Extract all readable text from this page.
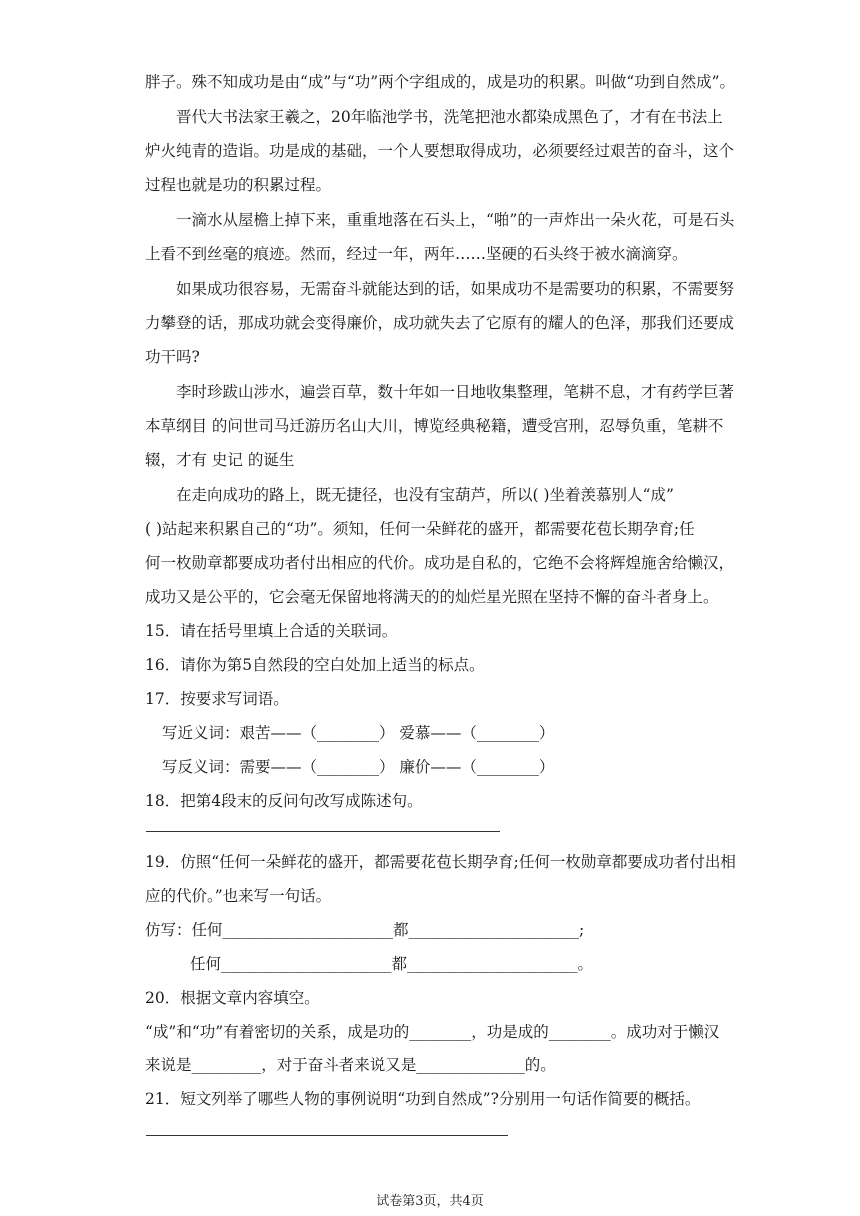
胖子。殊不知成功是由“成”与“功”两个字组成的，成是功的积累。叫做“功到自然成”。
晋代大书法家王羲之，20年临池学书，洗笔把池水都染成黑色了，才有在书法上
炉火纯青的造诣。功是成的基础，一个人要想取得成功，必须要经过艰苦的奋斗，这个
过程也就是功的积累过程。
一滴水从屋檐上掉下来，重重地落在石头上，“啪”的一声炸出一朵火花，可是石头
上看不到丝毫的痕迹。然而，经过一年，两年……坚硬的石头终于被水滴滴穿。
如果成功很容易，无需奋斗就能达到的话，如果成功不是需要功的积累，不需要努
力攀登的话，那成功就会变得廉价，成功就失去了它原有的耀人的色泽，那我们还要成
功干吗?
李时珍跋山涉水，遍尝百草，数十年如一日地收集整理，笔耕不息，才有药学巨著
本草纲目 的问世司马迁游历名山大川，博览经典秘籍，遭受宫刑，忍辱负重，笔耕不
辍，才有 史记 的诞生
在走向成功的路上，既无捷径，也没有宝葫芦，所以( )坐着羡慕别人“成”
( )站起来积累自己的“功”。须知，任何一朵鲜花的盛开，都需要花苞长期孕育;任
何一枚勋章都要成功者付出相应的代价。成功是自私的，它绝不会将辉煌施舍给懒汉，
成功又是公平的，它会毫无保留地将满天的的灿烂星光照在坚持不懈的奋斗者身上。
15．请在括号里填上合适的关联词。
16．请你为第5自然段的空白处加上适当的标点。
17．按要求写词语。
写近义词：艰苦——（________） 爱慕——（________）
写反义词：需要——（________） 廉价——（________）
18．把第4段末的反问句改写成陈述句。
19．仿照“任何一朵鲜花的盛开，都需要花苞长期孕育;任何一枚勋章都要成功者付出相
应的代价。”也来写一句话。
仿写：任何______________________都______________________;
任何______________________都______________________。
20．根据文章内容填空。
“成”和“功”有着密切的关系，成是功的________，功是成的________。成功对于懒汉
来说是_________，对于奋斗者来说又是______________的。
21．短文列举了哪些人物的事例说明“功到自然成”?分别用一句话作简要的概括。
试卷第3页，共4页
